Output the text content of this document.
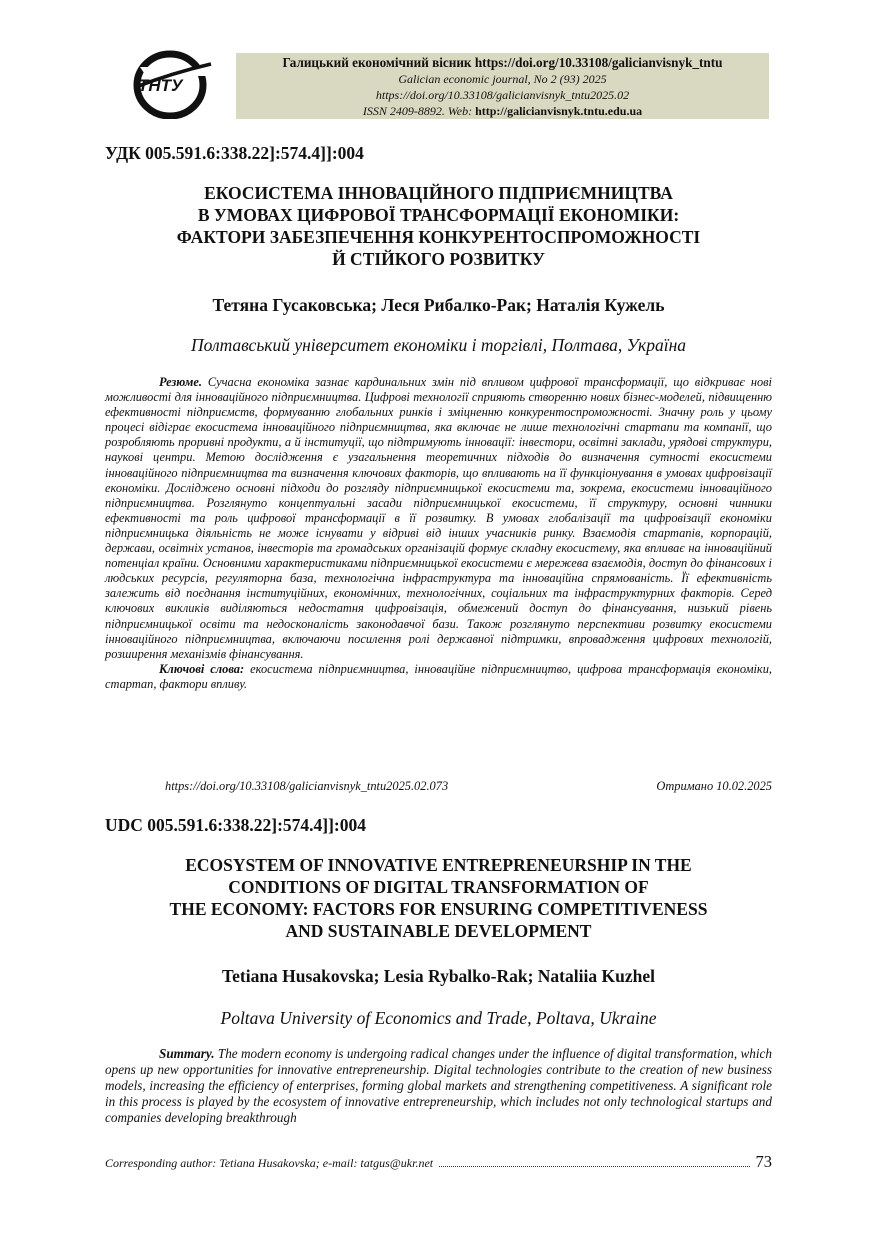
ТНТУ
Галицький економічний вісник https://doi.org/10.33108/galicianvisnyk_tntu
Galician economic journal, No 2 (93) 2025
https://doi.org/10.33108/galicianvisnyk_tntu2025.02
ISSN 2409-8892. Web: http://galicianvisnyk.tntu.edu.ua
УДК 005.591.6:338.22]:574.4]]:004
ЕКОСИСТЕМА ІННОВАЦІЙНОГО ПІДПРИЄМНИЦТВА
В УМОВАХ ЦИФРОВОЇ ТРАНСФОРМАЦІЇ ЕКОНОМІКИ:
ФАКТОРИ ЗАБЕЗПЕЧЕННЯ КОНКУРЕНТОСПРОМОЖНОСТІ
Й СТІЙКОГО РОЗВИТКУ
Тетяна Гусаковська; Леся Рибалко-Рак; Наталія Кужель
Полтавський університет економіки і торгівлі, Полтава, Україна

Резюме. Сучасна економіка зазнає кардинальних змін під впливом цифрової трансформації, що відкриває нові можливості для інноваційного підприємництва. Цифрові технології сприяють створенню нових бізнес-моделей, підвищенню ефективності підприємств, формуванню глобальних ринків і зміцненню конкурентоспроможності. Значну роль у цьому процесі відіграє екосистема інноваційного підприємництва, яка включає не лише технологічні стартапи та компанії, що розробляють проривні продукти, а й інституції, що підтримують інновації: інвестори, освітні заклади, урядові структури, наукові центри. Метою дослідження є узагальнення теоретичних підходів до визначення сутності екосистеми інноваційного підприємництва та визначення ключових факторів, що впливають на її функціонування в умовах цифровізації економіки. Досліджено основні підходи до розгляду підприємницької екосистеми та, зокрема, екосистеми інноваційного підприємництва. Розглянуто концептуальні засади підприємницької екосистеми, її структуру, основні чинники ефективності та роль цифрової трансформації в її розвитку. В умовах глобалізації та цифровізації економіки підприємницька діяльність не може існувати у відриві від інших учасників ринку. Взаємодія стартапів, корпорацій, держави, освітніх установ, інвесторів та громадських організацій формує складну екосистему, яка впливає на інноваційний потенціал країни. Основними характеристиками підприємницької екосистеми є мережева взаємодія, доступ до фінансових і людських ресурсів, регуляторна база, технологічна інфраструктура та інноваційна спрямованість. Її ефективність залежить від поєднання інституційних, економічних, технологічних, соціальних та інфраструктурних факторів. Серед ключових викликів виділяються недостатня цифровізація, обмежений доступ до фінансування, низький рівень підприємницької освіти та недосконалість законодавчої бази. Також розглянуто перспективи розвитку екосистеми інноваційного підприємництва, включаючи посилення ролі державної підтримки, впровадження цифрових технологій, розширення механізмів фінансування.

Ключові слова: екосистема підприємництва, інноваційне підприємництво, цифрова трансформація економіки, стартап, фактори впливу.

https://doi.org/10.33108/galicianvisnyk_tntu2025.02.073	Отримано 10.02.2025
UDC 005.591.6:338.22]:574.4]]:004
ECOSYSTEM OF INNOVATIVE ENTREPRENEURSHIP IN THE
CONDITIONS OF DIGITAL TRANSFORMATION OF
THE ECONOMY: FACTORS FOR ENSURING COMPETITIVENESS
AND SUSTAINABLE DEVELOPMENT
Tetiana Husakovska; Lesia Rybalko-Rak; Nataliia Kuzhel
Poltava University of Economics and Trade, Poltava, Ukraine

Summary. The modern economy is undergoing radical changes under the influence of digital transformation, which opens up new opportunities for innovative entrepreneurship. Digital technologies contribute to the creation of new business models, increasing the efficiency of enterprises, forming global markets and strengthening competitiveness. A significant role in this process is played by the ecosystem of innovative entrepreneurship, which includes not only technological startups and companies developing breakthrough

Corresponding author: Tetiana Husakovska; e-mail: tatgus@ukr.net	73
